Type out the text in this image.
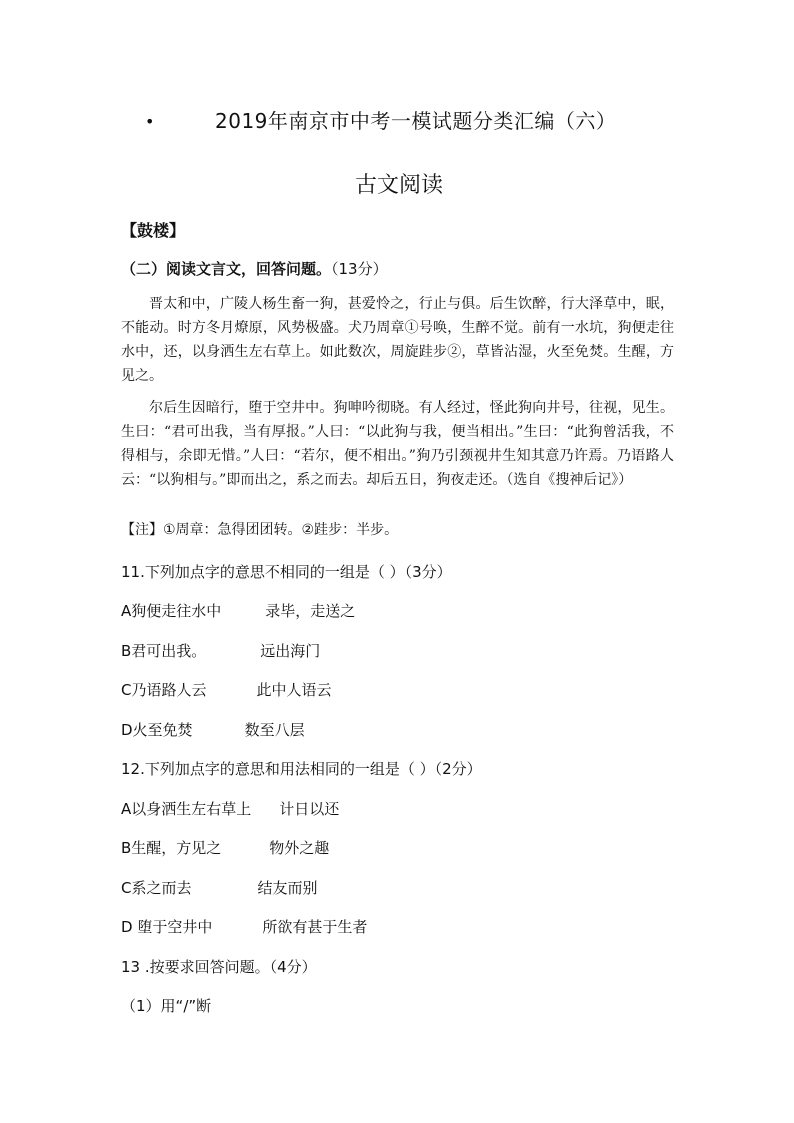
•	2019年南京市中考一模试题分类汇编（六）
古文阅读
【鼓楼】
（二）阅读文言文，回答问题。（13分）
晋太和中，广陵人杨生畜一狗，甚爱怜之，行止与俱。后生饮醉，行大泽草中，眠，不能动。时方冬月燎原，风势极盛。犬乃周章①号唤，生醉不觉。前有一水坑，狗便走往水中，还，以身洒生左右草上。如此数次，周旋跬步②，草皆沾湿，火至免焚。生醒，方见之。
尔后生因暗行，堕于空井中。狗呻吟彻晓。有人经过，怪此狗向井号，往视，见生。生曰：“君可出我，当有厚报。”人曰：“以此狗与我，便当相出。”生曰：“此狗曾活我，不得相与，余即无惜。”人曰：“若尔，便不相出。”狗乃引颈视井生知其意乃许焉。乃语路人云：“以狗相与。”即而出之，系之而去。却后五日，狗夜走还。（选自《搜神后记》）
【注】①周章：急得团团转。②跬步：半步。
11.下列加点字的意思不相同的一组是（ ）（3分）
A狗便走往水中	录毕，走送之
B君可出我。	远出海门
C乃语路人云	此中人语云
D火至免焚	数至八层
12.下列加点字的意思和用法相同的一组是（ ）（2分）
A以身洒生左右草上 计日以还
B生醒，方见之	物外之趣
C系之而去	结友而别
D 堕于空井中	所欲有甚于生者
13 .按要求回答问题。（4分）
（1）用“/”断
